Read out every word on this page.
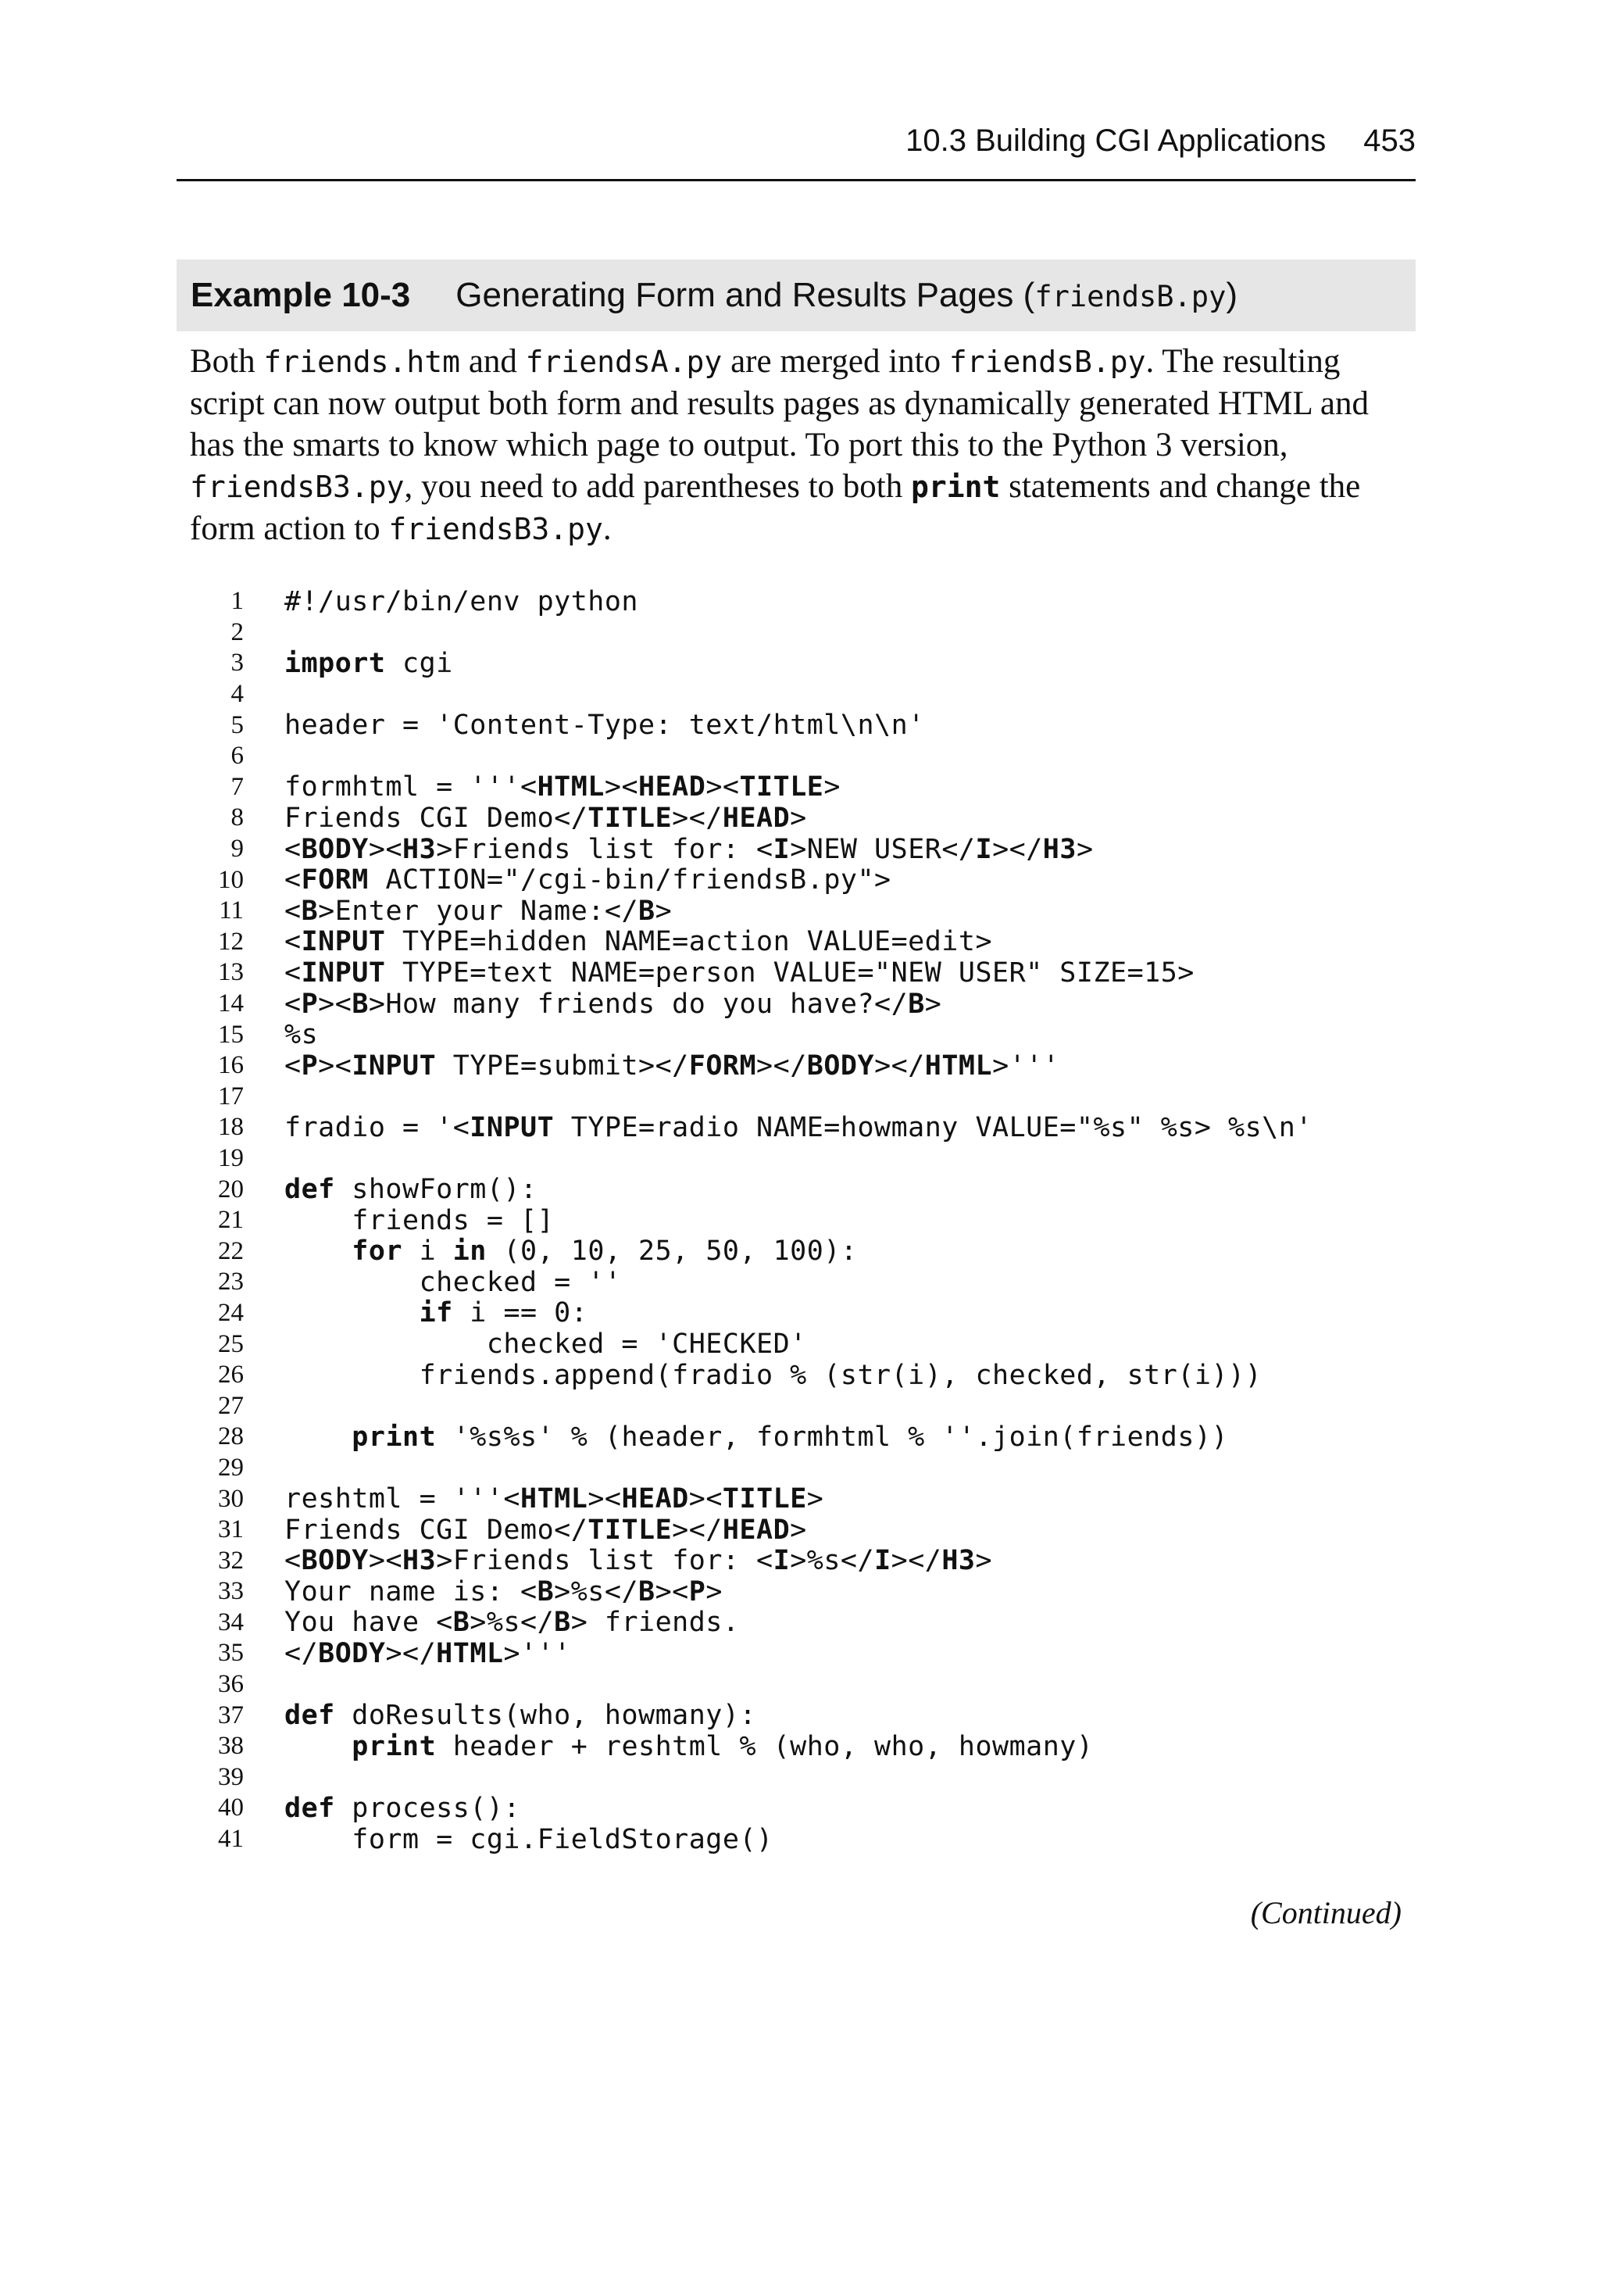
10.3 Building CGI Applications 453
Example 10-3 Generating Form and Results Pages (friendsB.py)

Both friends.htm and friendsA.py are merged into friendsB.py. The resulting script can now output both form and results pages as dynamically generated HTML and has the smarts to know which page to output. To port this to the Python 3 version, friendsB3.py, you need to add parentheses to both print statements and change the form action to friendsB3.py.

1	#!/usr/bin/env python
2
3	import cgi
4
5	header = 'Content-Type: text/html\n\n'
6
7	formhtml = '''<HTML><HEAD><TITLE>
8	Friends CGI Demo</TITLE></HEAD>
9	<BODY><H3>Friends list for: <I>NEW USER</I></H3>
10	<FORM ACTION="/cgi-bin/friendsB.py">
11	<B>Enter your Name:</B>
12	<INPUT TYPE=hidden NAME=action VALUE=edit>
13	<INPUT TYPE=text NAME=person VALUE="NEW USER" SIZE=15>
14	<P><B>How many friends do you have?</B>
15	%s
16	<P><INPUT TYPE=submit></FORM></BODY></HTML>'''
17
18	fradio = '<INPUT TYPE=radio NAME=howmany VALUE="%s" %s> %s\n'
19
20	def showForm():
21	friends = []
22	for i in (0, 10, 25, 50, 100):
23	checked = ''
24	if i == 0:
25	checked = 'CHECKED'
26	friends.append(fradio % (str(i), checked, str(i)))
27
28	print '%s%s' % (header, formhtml % ''.join(friends))
29
30	reshtml = '''<HTML><HEAD><TITLE>
31	Friends CGI Demo</TITLE></HEAD>
32	<BODY><H3>Friends list for: <I>%s</I></H3>
33	Your name is: <B>%s</B><P>
34	You have <B>%s</B> friends.
35	</BODY></HTML>'''
36
37	def doResults(who, howmany):
38	print header + reshtml % (who, who, howmany)
39
40	def process():
41	form = cgi.FieldStorage()
(Continued)
